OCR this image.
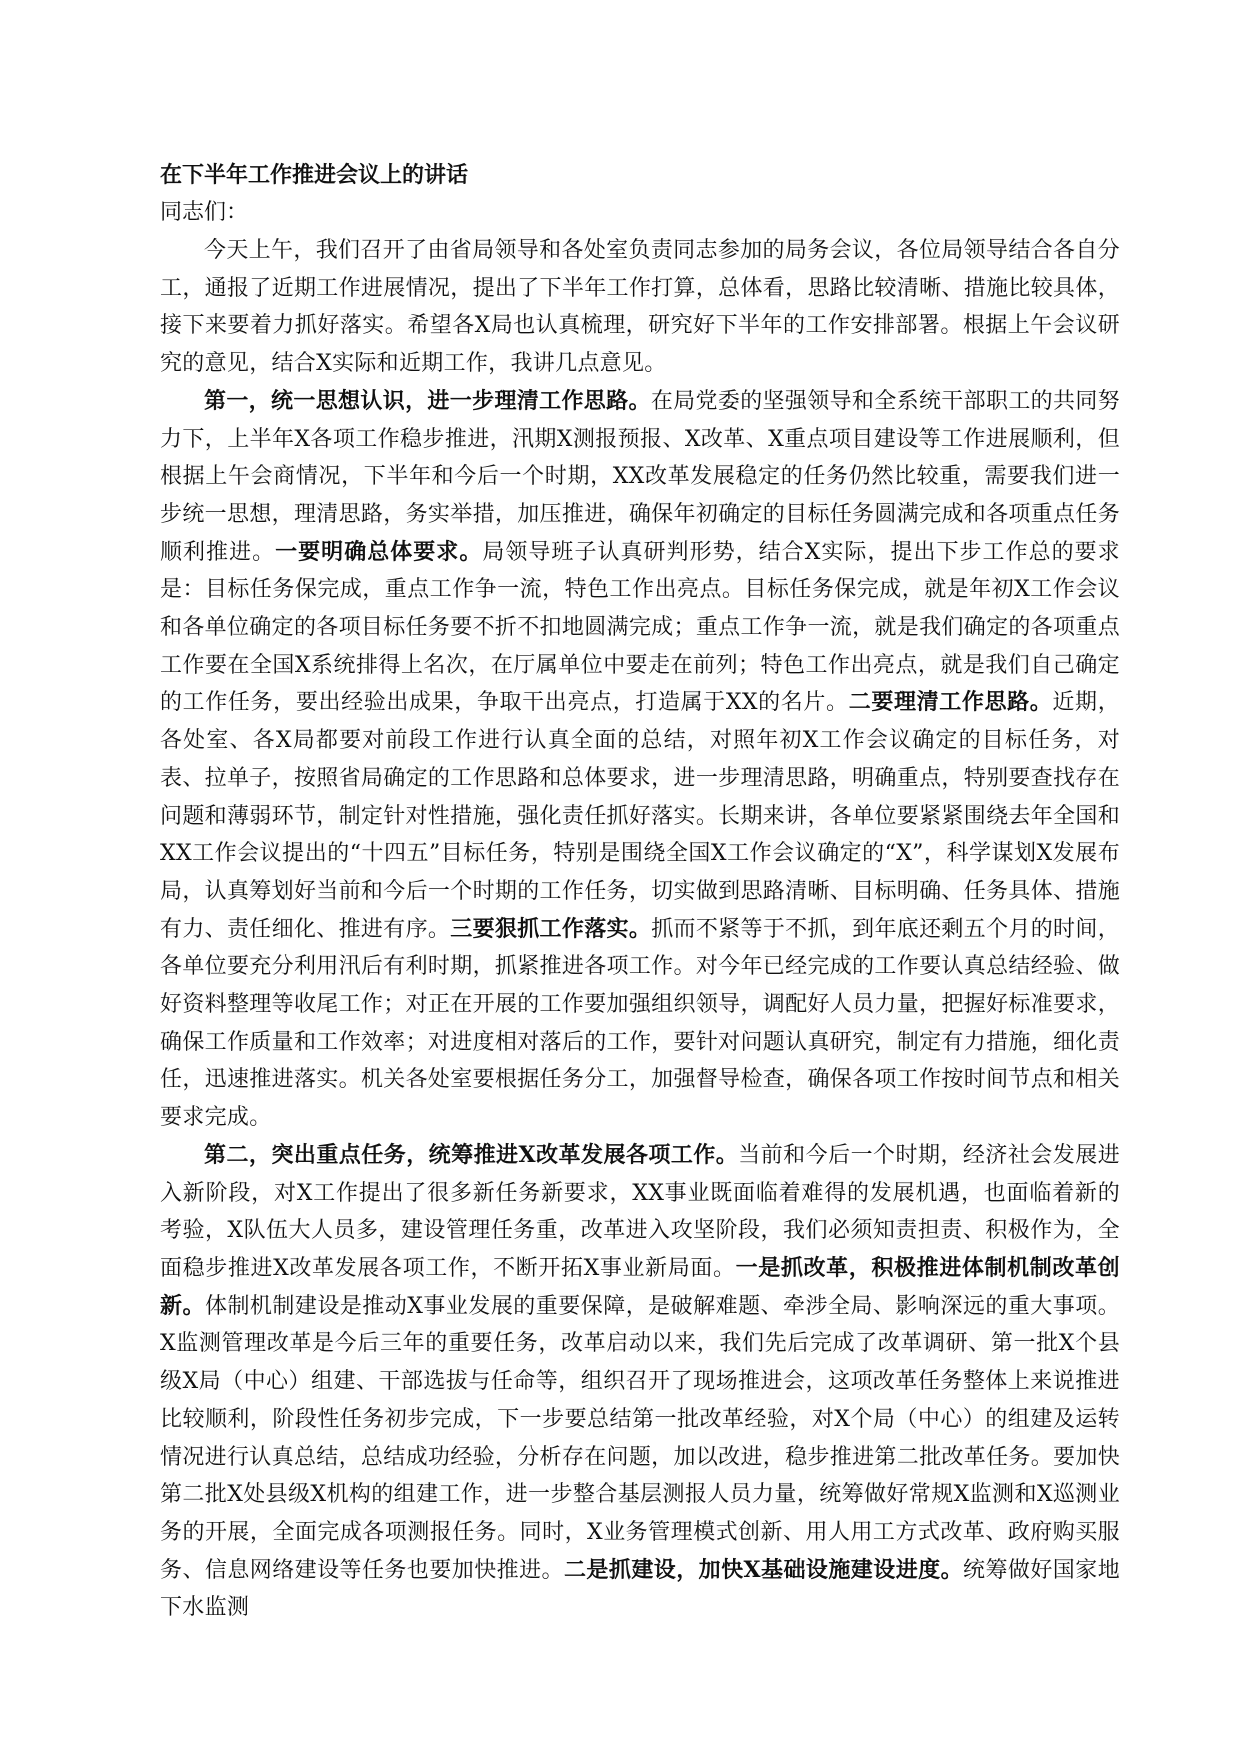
在下半年工作推进会议上的讲话

同志们：

今天上午，我们召开了由省局领导和各处室负责同志参加的局务会议，各位局领导结合各自分工，通报了近期工作进展情况，提出了下半年工作打算，总体看，思路比较清晰、措施比较具体，接下来要着力抓好落实。希望各X局也认真梳理，研究好下半年的工作安排部署。根据上午会议研究的意见，结合X实际和近期工作，我讲几点意见。

第一，统一思想认识，进一步理清工作思路。在局党委的坚强领导和全系统干部职工的共同努力下，上半年X各项工作稳步推进，汛期X测报预报、X改革、X重点项目建设等工作进展顺利，但根据上午会商情况，下半年和今后一个时期，XX改革发展稳定的任务仍然比较重，需要我们进一步统一思想，理清思路，务实举措，加压推进，确保年初确定的目标任务圆满完成和各项重点任务顺利推进。一要明确总体要求。局领导班子认真研判形势，结合X实际，提出下步工作总的要求是：目标任务保完成，重点工作争一流，特色工作出亮点。目标任务保完成，就是年初X工作会议和各单位确定的各项目标任务要不折不扣地圆满完成；重点工作争一流，就是我们确定的各项重点工作要在全国X系统排得上名次，在厅属单位中要走在前列；特色工作出亮点，就是我们自己确定的工作任务，要出经验出成果，争取干出亮点，打造属于XX的名片。二要理清工作思路。近期，各处室、各X局都要对前段工作进行认真全面的总结，对照年初X工作会议确定的目标任务，对表、拉单子，按照省局确定的工作思路和总体要求，进一步理清思路，明确重点，特别要查找存在问题和薄弱环节，制定针对性措施，强化责任抓好落实。长期来讲，各单位要紧紧围绕去年全国和XX工作会议提出的“十四五”目标任务，特别是围绕全国X工作会议确定的“X”，科学谋划X发展布局，认真筹划好当前和今后一个时期的工作任务，切实做到思路清晰、目标明确、任务具体、措施有力、责任细化、推进有序。三要狠抓工作落实。抓而不紧等于不抓，到年底还剩五个月的时间，各单位要充分利用汛后有利时期，抓紧推进各项工作。对今年已经完成的工作要认真总结经验、做好资料整理等收尾工作；对正在开展的工作要加强组织领导，调配好人员力量，把握好标准要求，确保工作质量和工作效率；对进度相对落后的工作，要针对问题认真研究，制定有力措施，细化责任，迅速推进落实。机关各处室要根据任务分工，加强督导检查，确保各项工作按时间节点和相关要求完成。

第二，突出重点任务，统筹推进X改革发展各项工作。当前和今后一个时期，经济社会发展进入新阶段，对X工作提出了很多新任务新要求，XX事业既面临着难得的发展机遇，也面临着新的考验，X队伍大人员多，建设管理任务重，改革进入攻坚阶段，我们必须知责担责、积极作为，全面稳步推进X改革发展各项工作，不断开拓X事业新局面。一是抓改革，积极推进体制机制改革创新。体制机制建设是推动X事业发展的重要保障，是破解难题、牵涉全局、影响深远的重大事项。X监测管理改革是今后三年的重要任务，改革启动以来，我们先后完成了改革调研、第一批X个县级X局（中心）组建、干部选拔与任命等，组织召开了现场推进会，这项改革任务整体上来说推进比较顺利，阶段性任务初步完成，下一步要总结第一批改革经验，对X个局（中心）的组建及运转情况进行认真总结，总结成功经验，分析存在问题，加以改进，稳步推进第二批改革任务。要加快第二批X处县级X机构的组建工作，进一步整合基层测报人员力量，统筹做好常规X监测和X巡测业务的开展，全面完成各项测报任务。同时，X业务管理模式创新、用人用工方式改革、政府购买服务、信息网络建设等任务也要加快推进。二是抓建设，加快X基础设施建设进度。统筹做好国家地下水监测
